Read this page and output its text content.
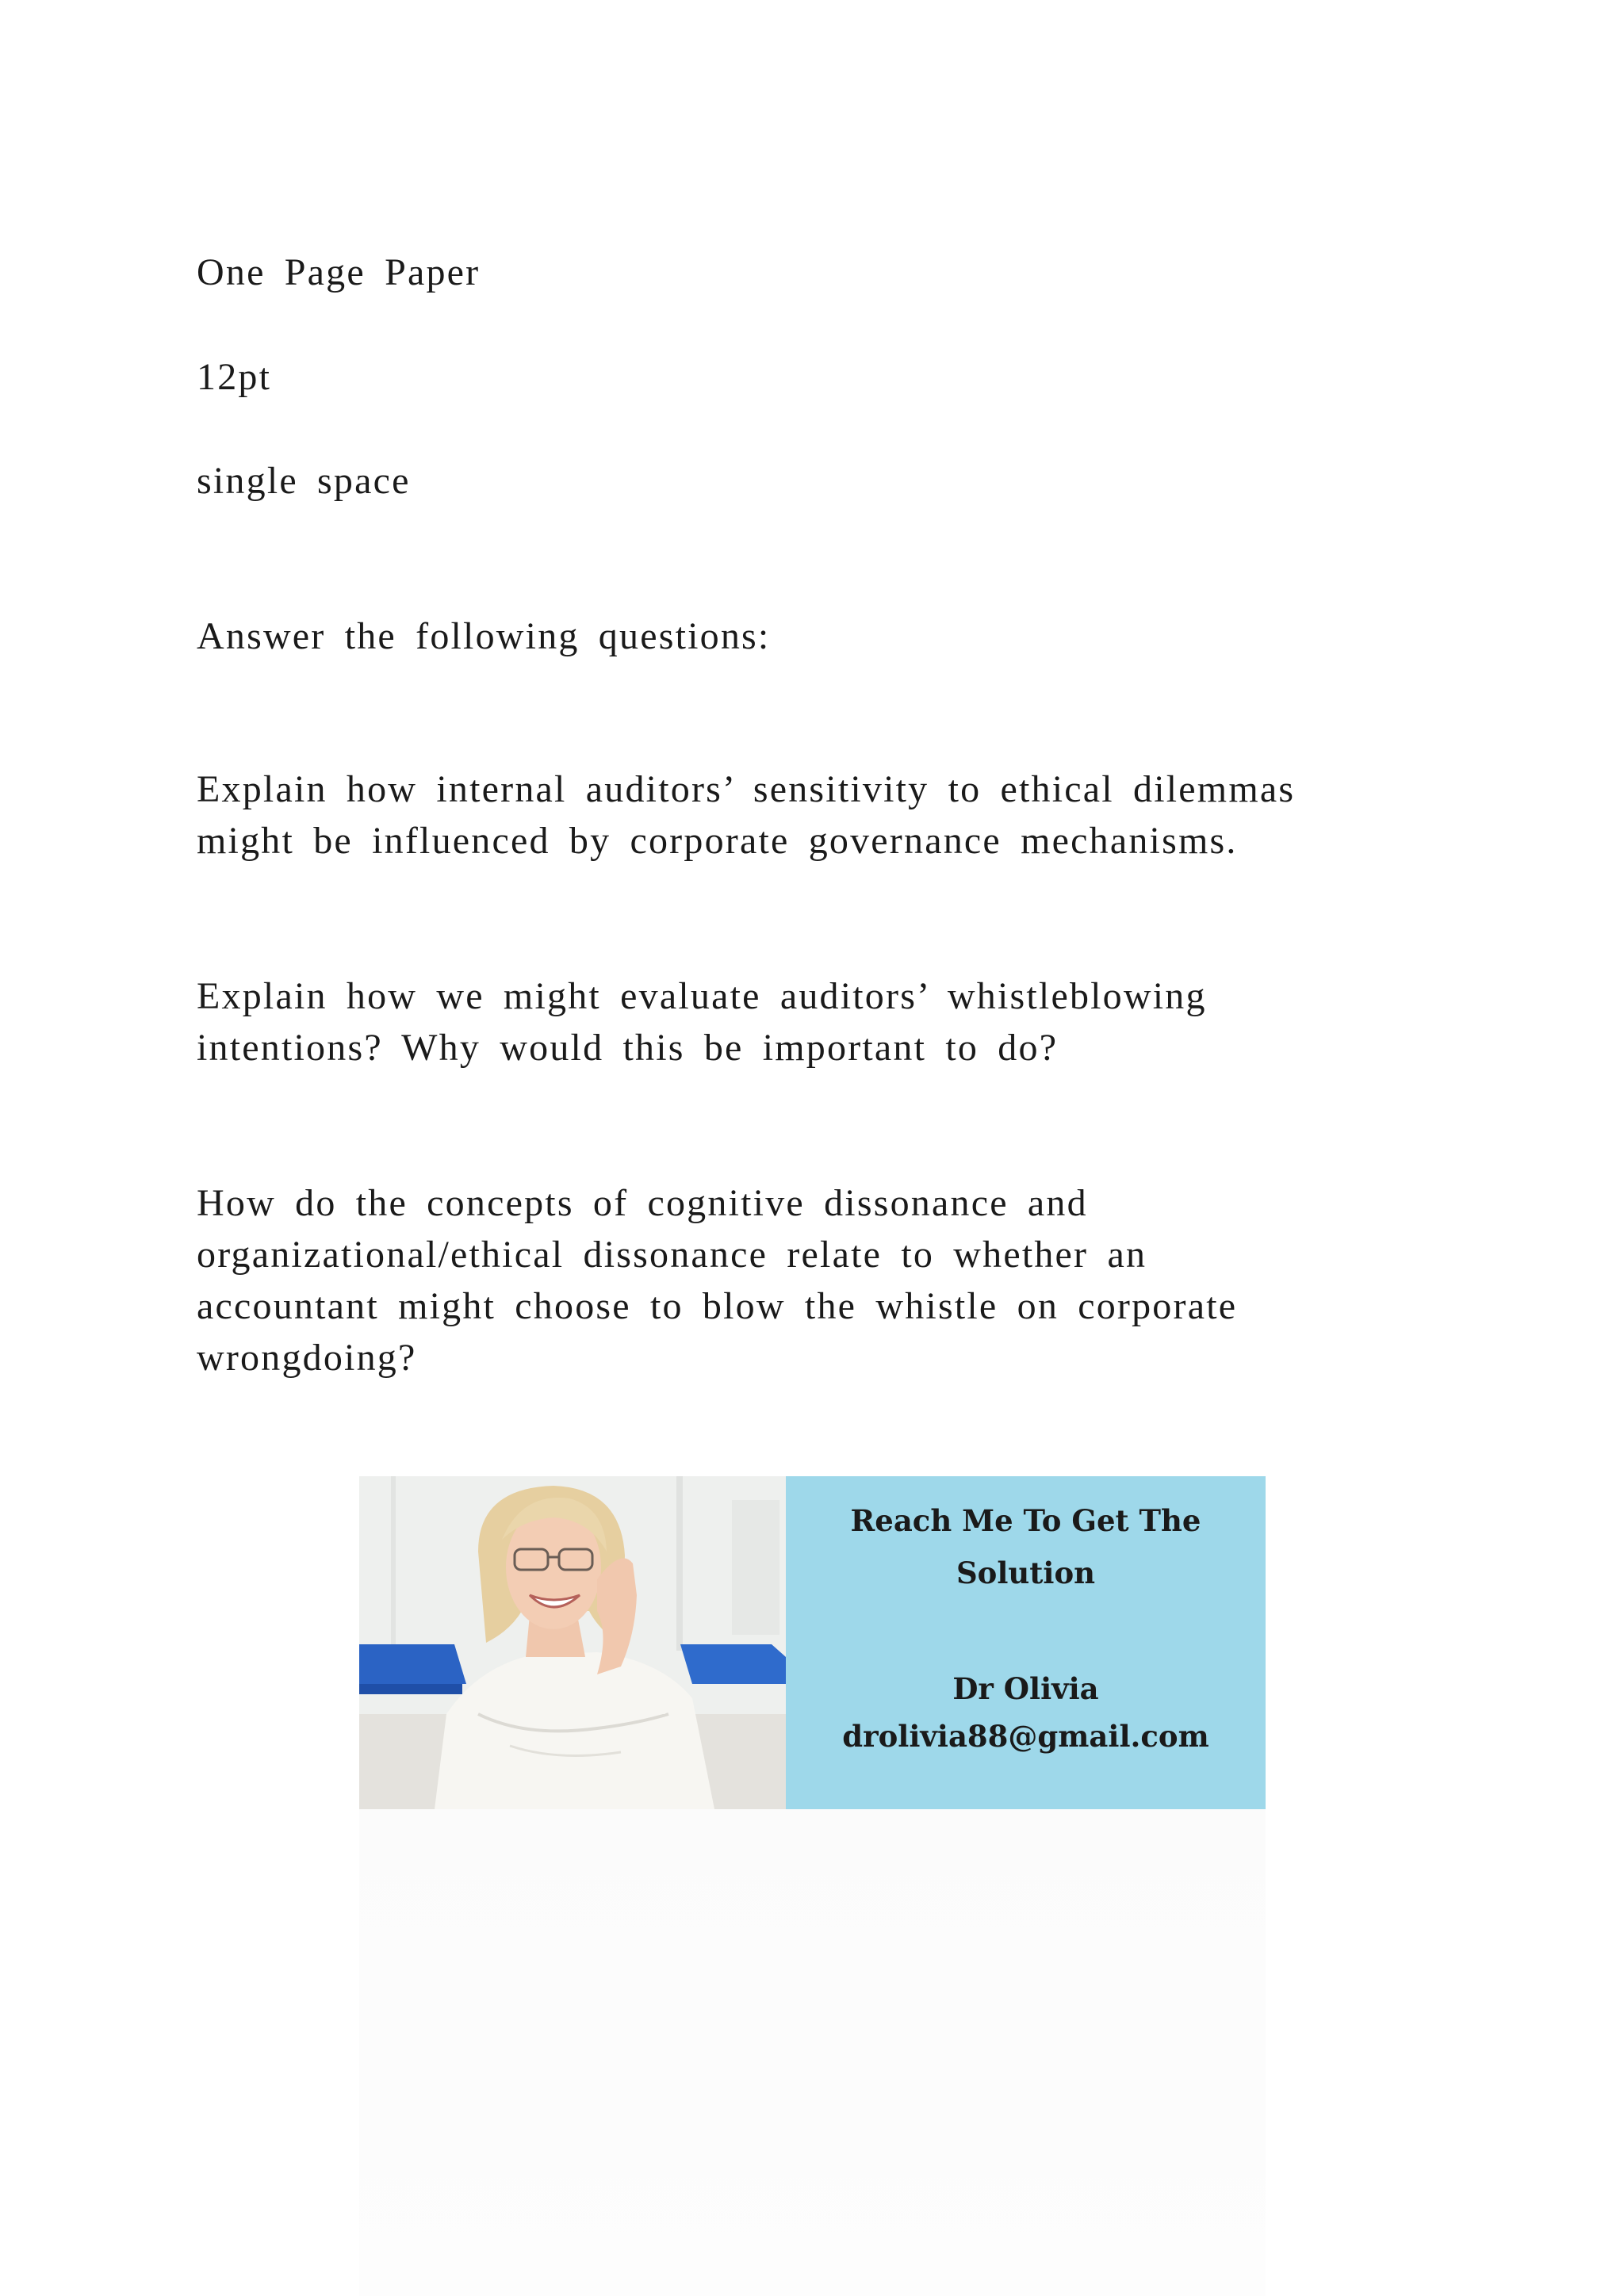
One Page Paper
12pt
single space
Answer the following questions:
Explain how internal auditors’ sensitivity to ethical dilemmas
might be influenced by corporate governance mechanisms.
Explain how we might evaluate auditors’ whistleblowing
intentions? Why would this be important to do?
How do the concepts of cognitive dissonance and
organizational/ethical dissonance relate to whether an
accountant might choose to blow the whistle on corporate
wrongdoing?
Reach Me To Get The
Solution
Dr Olivia
drolivia88@gmail.com
